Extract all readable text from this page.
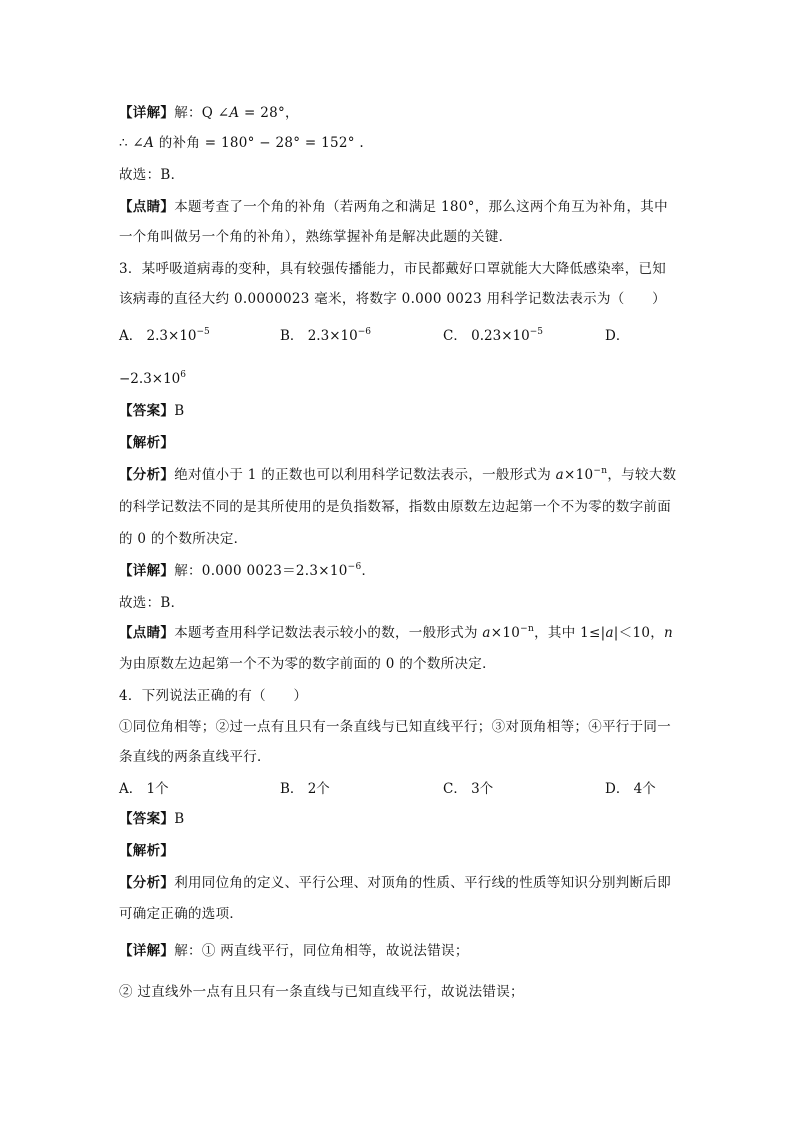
【详解】解：Q ∠A = 28°，
∴ ∠A 的补角 = 180° − 28° = 152° .
故选：B．
【点睛】本题考查了一个角的补角（若两角之和满足 180°，那么这两个角互为补角，其中
一个角叫做另一个角的补角），熟练掌握补角是解决此题的关键．
3．某呼吸道病毒的变种，具有较强传播能力，市民都戴好口罩就能大大降低感染率，已知
该病毒的直径大约 0.0000023 毫米，将数字 0.000 0023 用科学记数法表示为（　　）
A． $2.3\times 10^{-5}$	B． $2.3\times 10^{-6}$	C． $0.23\times 10^{-5}$	D．
$-2.3\times 10^6$
【答案】B
【解析】
【分析】绝对值小于 1 的正数也可以利用科学记数法表示，一般形式为 $a\times 10^{-n}$，与较大数
的科学记数法不同的是其所使用的是负指数幂，指数由原数左边起第一个不为零的数字前面
的 0 的个数所决定．
【详解】解：0.000 $0023=2.3\times 10^{-6}$．
故选：B．
【点睛】本题考查用科学记数法表示较小的数，一般形式为 $a\times 10^{-n}$，其中 1≤|a|＜10，n
为由原数左边起第一个不为零的数字前面的 0 的个数所决定．
4．下列说法正确的有（　　）
①同位角相等；②过一点有且只有一条直线与已知直线平行；③对顶角相等；④平行于同一
条直线的两条直线平行．
A． 1个	B． 2个	C． 3个	D． 4个
【答案】B
【解析】
【分析】利用同位角的定义、平行公理、对顶角的性质、平行线的性质等知识分别判断后即
可确定正确的选项．
【详解】解：① 两直线平行，同位角相等，故说法错误；
② 过直线外一点有且只有一条直线与已知直线平行，故说法错误；
